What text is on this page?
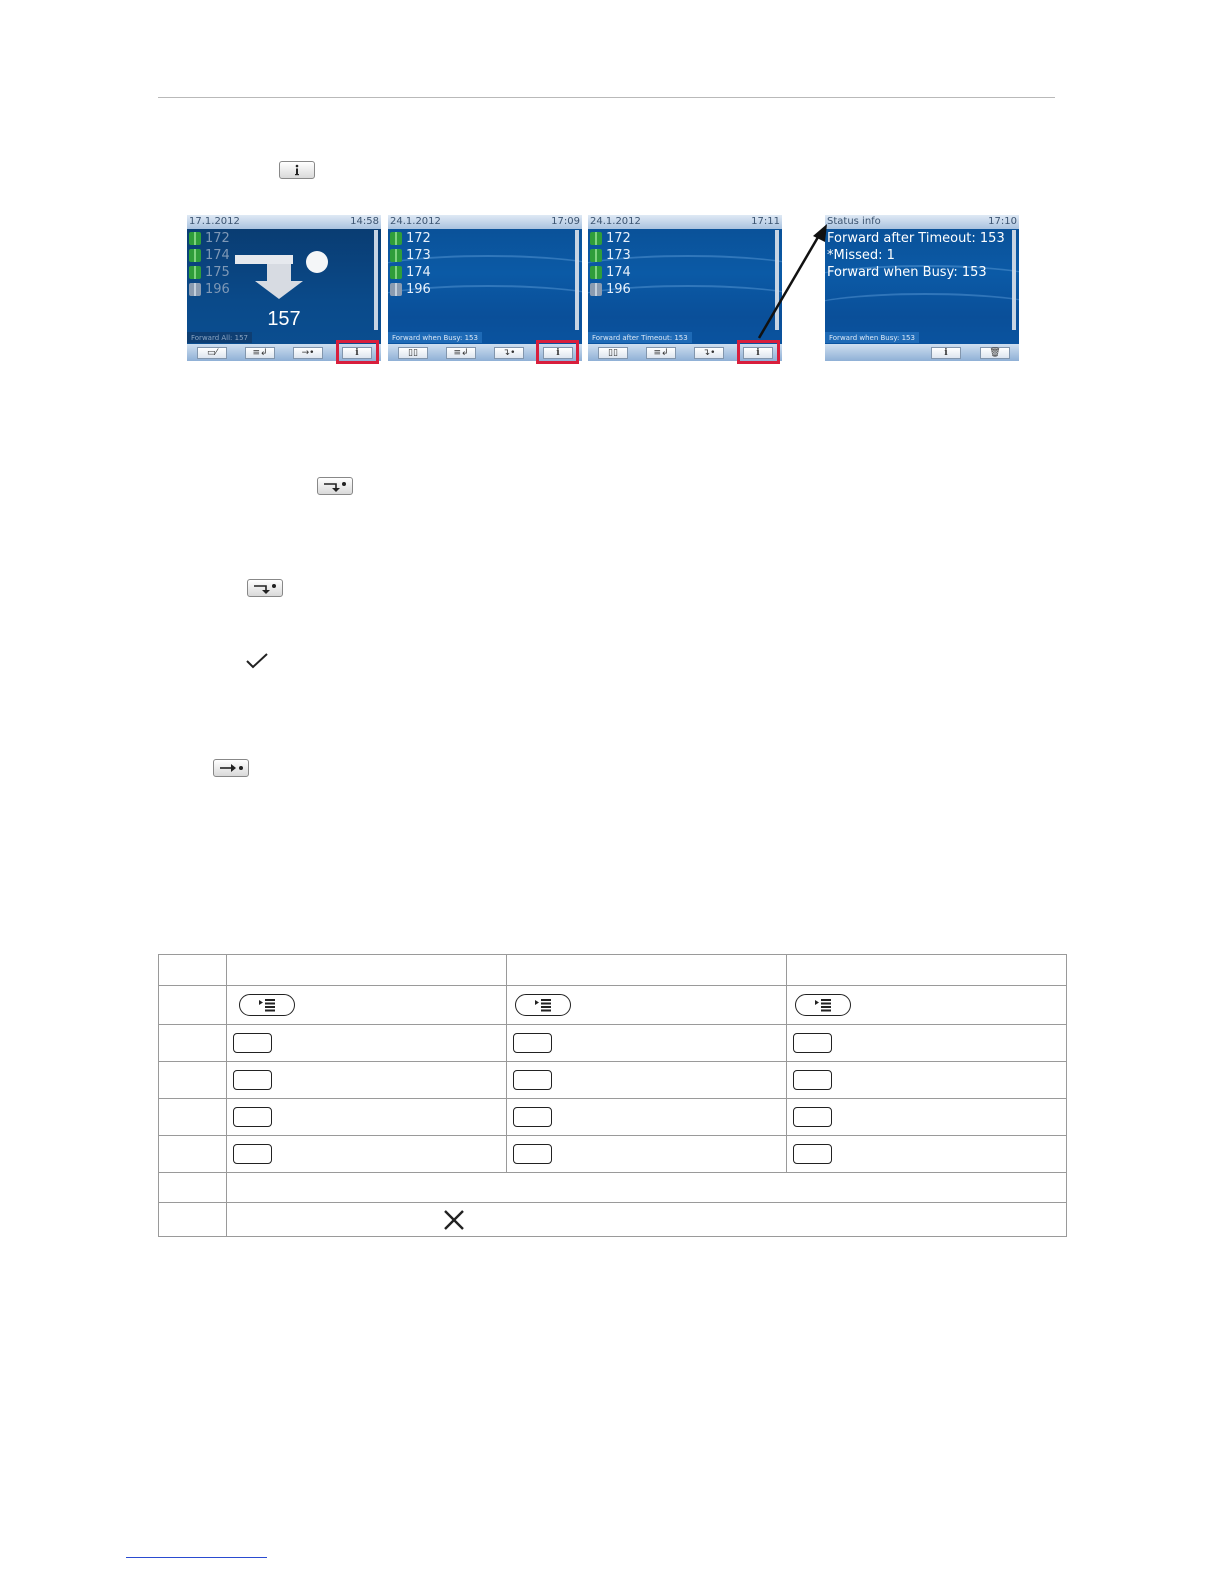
17.1.2012	14:58
172
174
175
196
157
Forward All: 157
▭⁄	≡↲	→•	i
24.1.2012	17:09
172
173
174
196
Forward when Busy: 153
▯▯	≡↲	↴•	i
24.1.2012	17:11
172
173
174
196
Forward after Timeout: 153
▯▯	≡↲	↴•	i
Status info	17:10
Forward after Timeout: 153
*Missed: 1
Forward when Busy: 153
Forward when Busy: 153
i	🗑
